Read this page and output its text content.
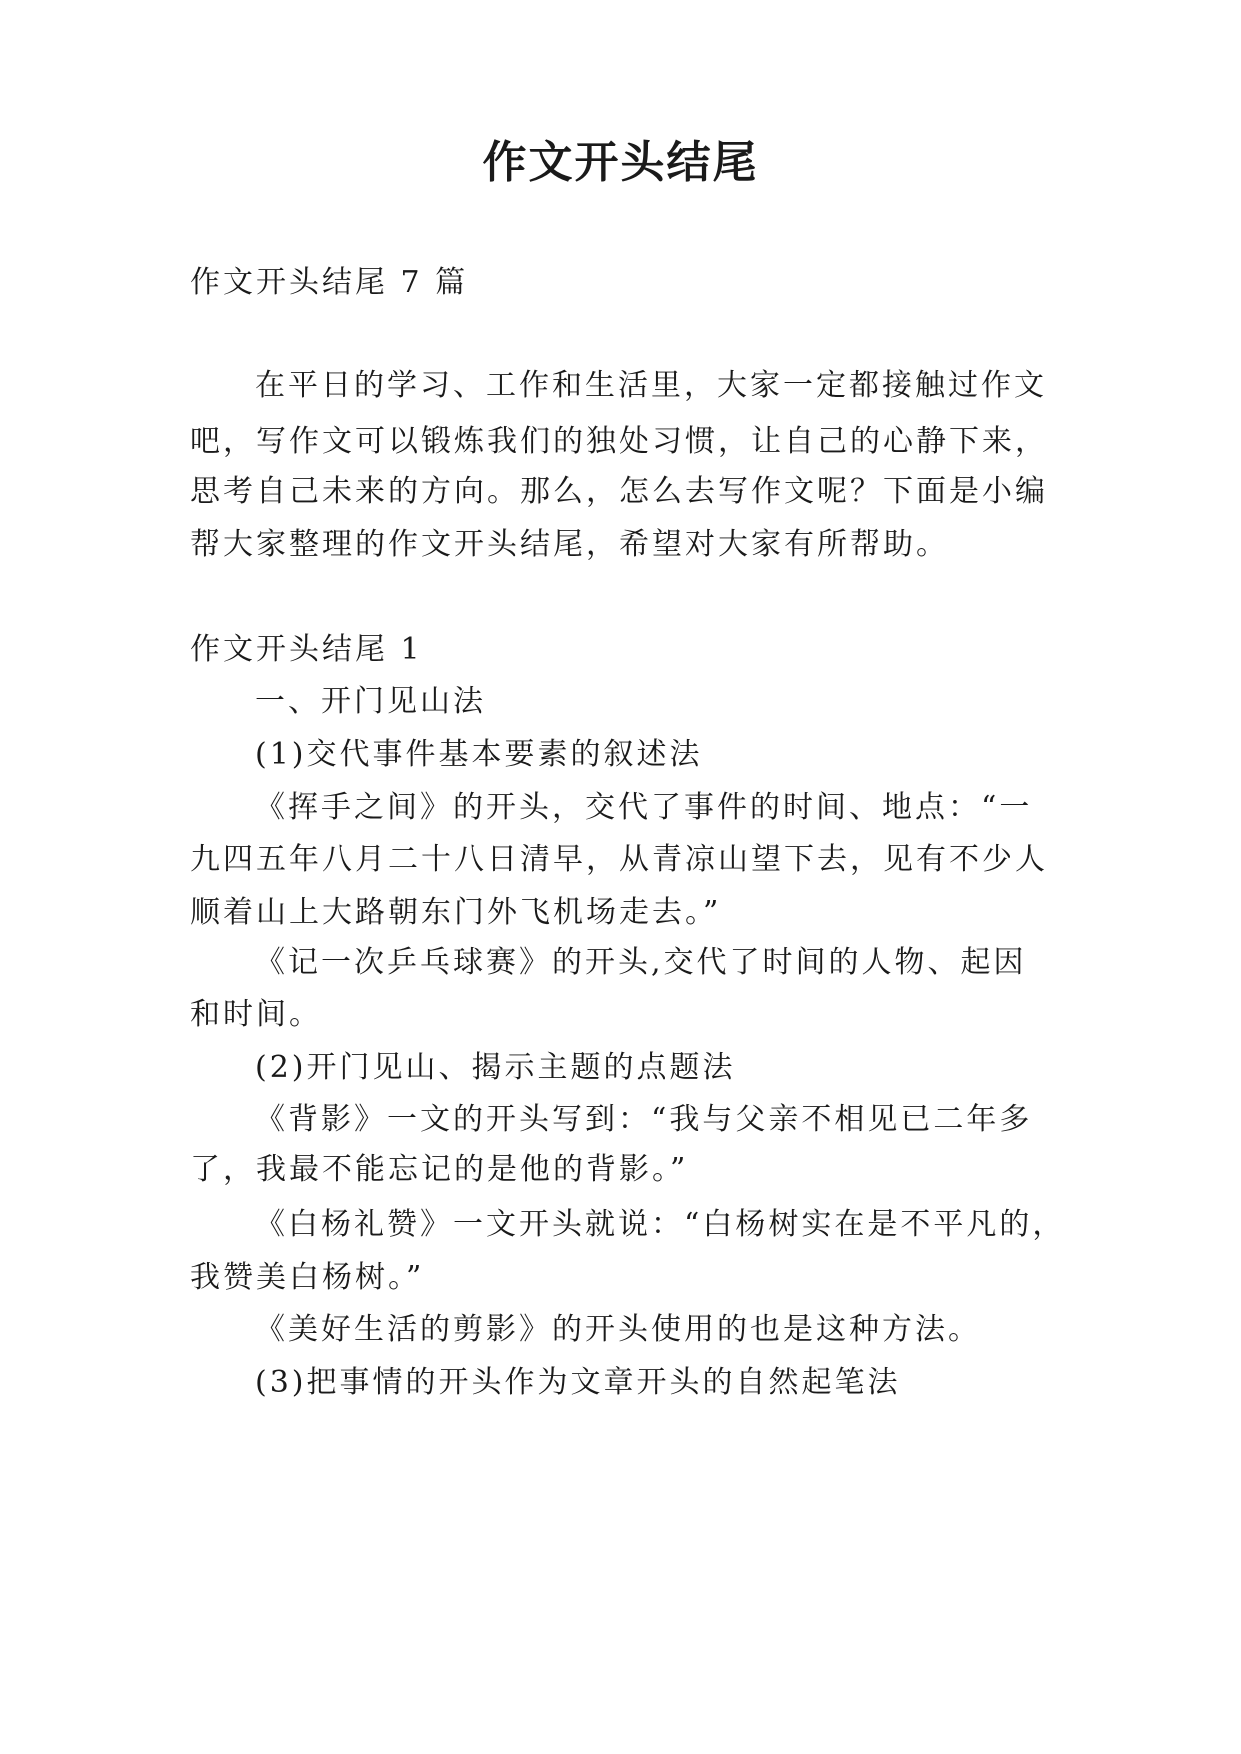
作文开头结尾
作文开头结尾 7 篇
在平日的学习、工作和生活里，大家一定都接触过作文
吧，写作文可以锻炼我们的独处习惯，让自己的心静下来，
思考自己未来的方向。那么，怎么去写作文呢？下面是小编
帮大家整理的作文开头结尾，希望对大家有所帮助。
作文开头结尾 1
一、开门见山法
(1)交代事件基本要素的叙述法
《挥手之间》的开头，交代了事件的时间、地点：“一
九四五年八月二十八日清早，从青凉山望下去，见有不少人
顺着山上大路朝东门外飞机场走去。”
《记一次乒乓球赛》的开头,交代了时间的人物、起因
和时间。
(2)开门见山、揭示主题的点题法
《背影》一文的开头写到：“我与父亲不相见已二年多
了，我最不能忘记的是他的背影。”
《白杨礼赞》一文开头就说：“白杨树实在是不平凡的，
我赞美白杨树。”
《美好生活的剪影》的开头使用的也是这种方法。
(3)把事情的开头作为文章开头的自然起笔法
